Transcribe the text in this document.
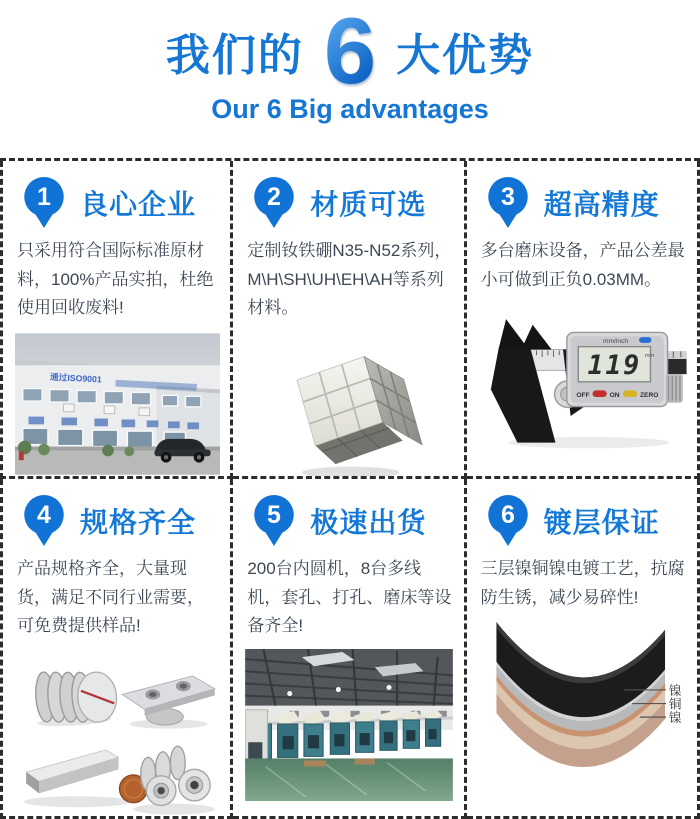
我们的 6 大优势
Our 6 Big advantages
1 良心企业

只采用符合国际标准原材料，100%产品实拍，杜绝使用回收废料!

通过ISO9001
2 材质可选

定制钕铁硼N35-N52系列，M\H\SH\UH\EH\AH等系列材料。

3 超高精度

多台磨床设备，产品公差最小可做到正负0.03MM。

mm/inch
119 mm
OFF	ON	ZERO
4 规格齐全

产品规格齐全，大量现货，满足不同行业需要，可免费提供样品!

5 极速出货

200台内圆机，8台多线机，套孔、打孔、磨床等设备齐全!

6 镀层保证

三层镍铜镍电镀工艺，抗腐防生锈，减少易碎性!

镍
铜
镍
